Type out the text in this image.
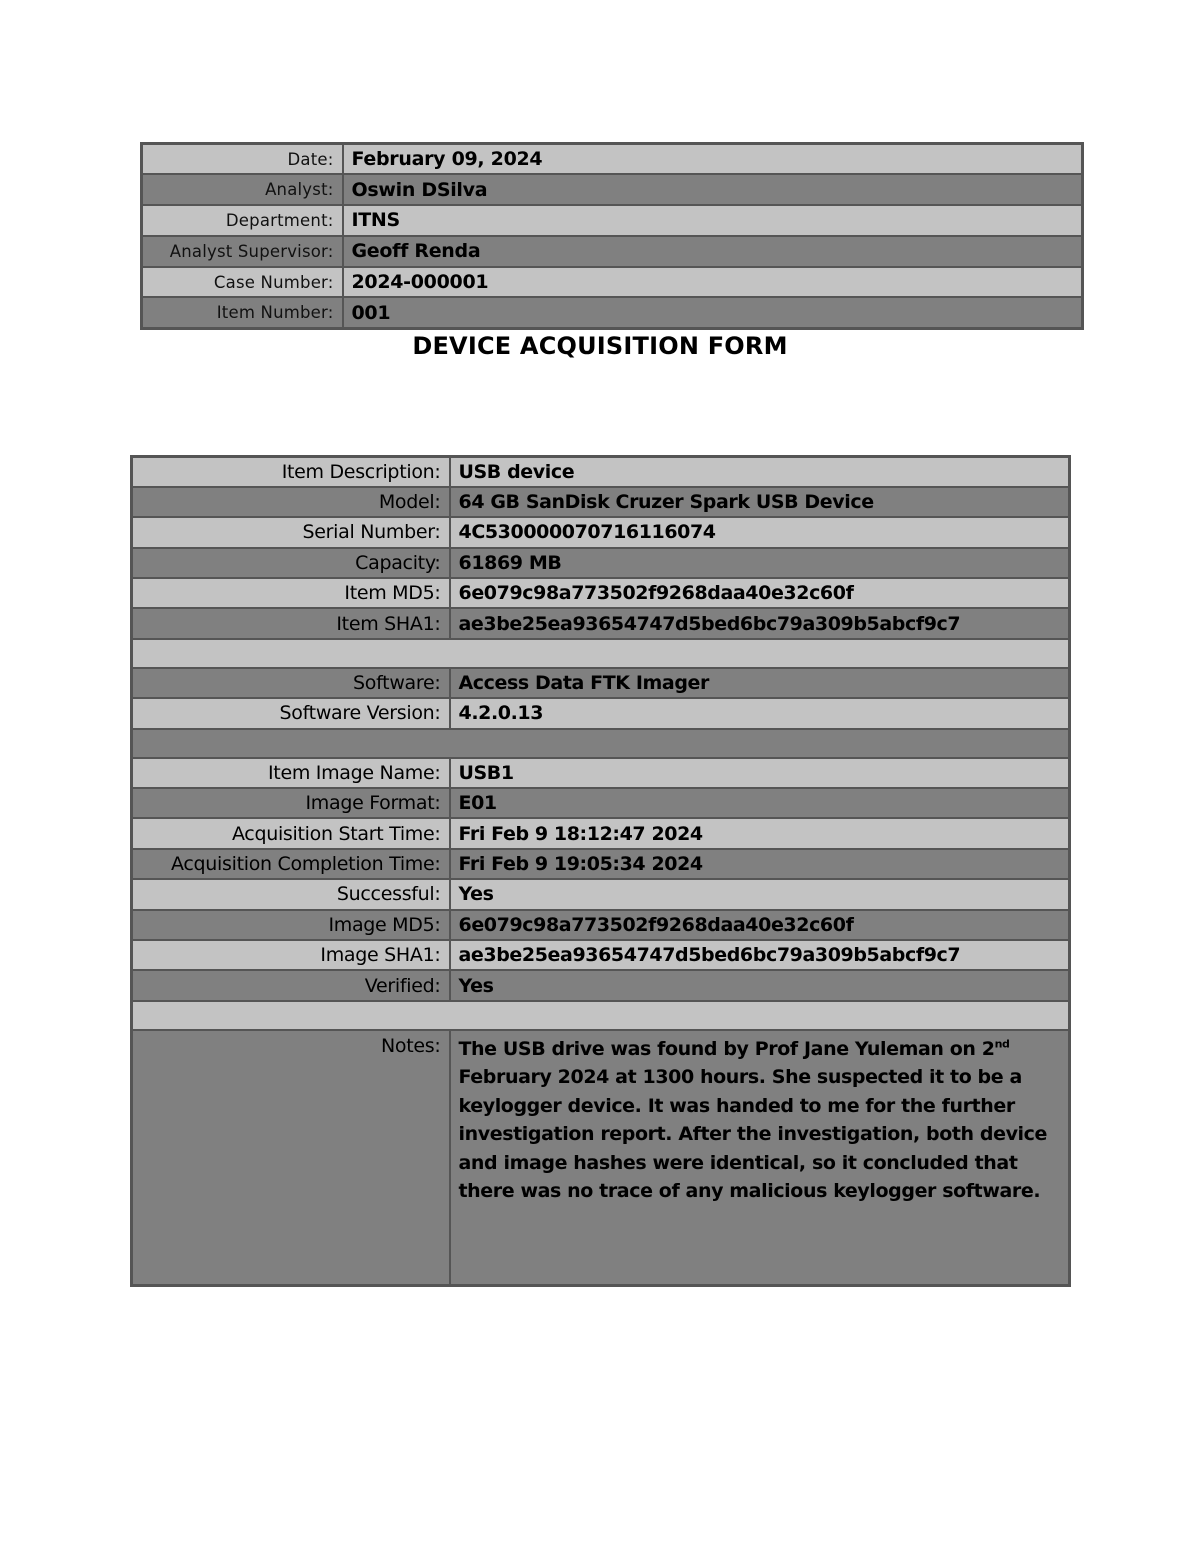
Date:	February 09, 2024
Analyst:	Oswin DSilva
Department:	ITNS
Analyst Supervisor:	Geoff Renda
Case Number:	2024-000001
Item Number:	001
DEVICE ACQUISITION FORM
Item Description:	USB device
Model:	64 GB SanDisk Cruzer Spark USB Device
Serial Number:	4C530000070716116074
Capacity:	61869 MB
Item MD5:	6e079c98a773502f9268daa40e32c60f
Item SHA1:	ae3be25ea93654747d5bed6bc79a309b5abcf9c7

Software:	Access Data FTK Imager
Software Version:	4.2.0.13

Item Image Name:	USB1
Image Format:	E01
Acquisition Start Time:	Fri Feb 9 18:12:47 2024
Acquisition Completion Time:	Fri Feb 9 19:05:34 2024
Successful:	Yes
Image MD5:	6e079c98a773502f9268daa40e32c60f
Image SHA1:	ae3be25ea93654747d5bed6bc79a309b5abcf9c7
Verified:	Yes

Notes:	The USB drive was found by Prof Jane Yuleman on 2nd February 2024 at 1300 hours. She suspected it to be a keylogger device. It was handed to me for the further investigation report. After the investigation, both device and image hashes were identical, so it concluded that there was no trace of any malicious keylogger software.
